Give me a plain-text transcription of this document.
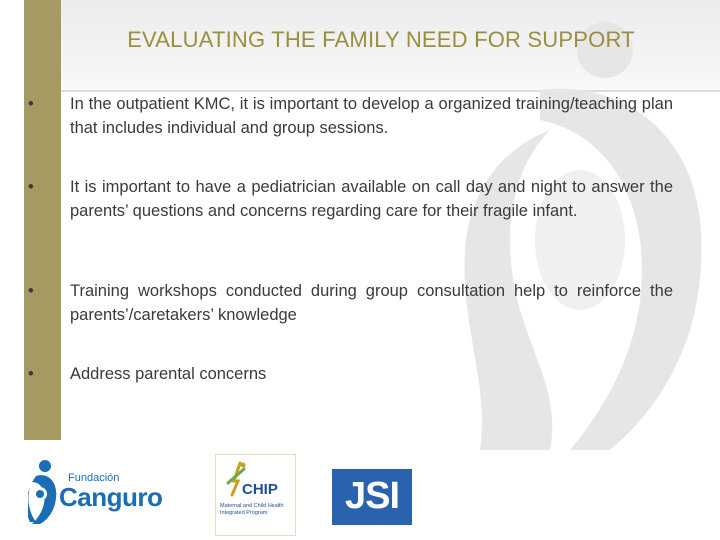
EVALUATING THE FAMILY NEED FOR SUPPORT
•	In the outpatient KMC, it is important to develop a organized training/teaching plan that includes individual and group sessions.
•	It is important to have a pediatrician available on call day and night to answer the parents’ questions and concerns regarding care for their fragile infant.
•	Training workshops conducted during group consultation help to reinforce the parents’/caretakers’ knowledge
•	Address parental concerns
Fundación
Canguro	CHIP
Maternal and Child Health Integrated Program	JSI
